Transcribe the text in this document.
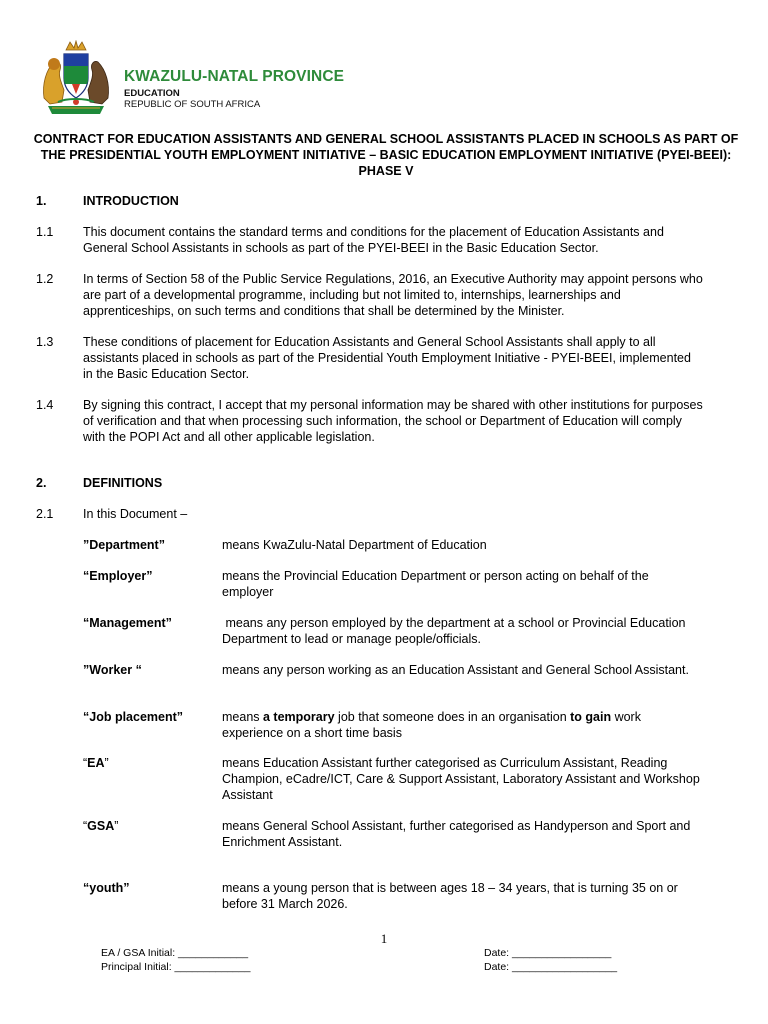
KWAZULU-NATAL PROVINCE
EDUCATION
REPUBLIC OF SOUTH AFRICA
CONTRACT FOR EDUCATION ASSISTANTS AND GENERAL SCHOOL ASSISTANTS PLACED IN SCHOOLS AS PART OF THE PRESIDENTIAL YOUTH EMPLOYMENT INITIATIVE – BASIC EDUCATION EMPLOYMENT INITIATIVE (PYEI-BEEI): PHASE V
1.	INTRODUCTION
1.1 This document contains the standard terms and conditions for the placement of Education Assistants and General School Assistants in schools as part of the PYEI-BEEI in the Basic Education Sector.
1.2 In terms of Section 58 of the Public Service Regulations, 2016, an Executive Authority may appoint persons who are part of a developmental programme, including but not limited to, internships, learnerships and apprenticeships, on such terms and conditions that shall be determined by the Minister.
1.3 These conditions of placement for Education Assistants and General School Assistants shall apply to all assistants placed in schools as part of the Presidential Youth Employment Initiative - PYEI-BEEI, implemented in the Basic Education Sector.
1.4 By signing this contract, I accept that my personal information may be shared with other institutions for purposes of verification and that when processing such information, the school or Department of Education will comply with the POPI Act and all other applicable legislation.
2.	DEFINITIONS
2.1 In this Document –
”Department”	means KwaZulu-Natal Department of Education
“Employer”	means the Provincial Education Department or person acting on behalf of the employer
“Management”	means any person employed by the department at a school or Provincial Education Department to lead or manage people/officials.
”Worker “	means any person working as an Education Assistant and General School Assistant.
“Job placement”	means a temporary job that someone does in an organisation to gain work experience on a short time basis
“EA”	means Education Assistant further categorised as Curriculum Assistant, Reading Champion, eCadre/ICT, Care & Support Assistant, Laboratory Assistant and Workshop Assistant
“GSA”	means General School Assistant, further categorised as Handyperson and Sport and Enrichment Assistant.
“youth”	means a young person that is between ages 18 – 34 years, that is turning 35 on or before 31 March 2026.
1
EA / GSA Initial: ____________
Principal Initial: _____________
Date: _________________
Date: __________________
